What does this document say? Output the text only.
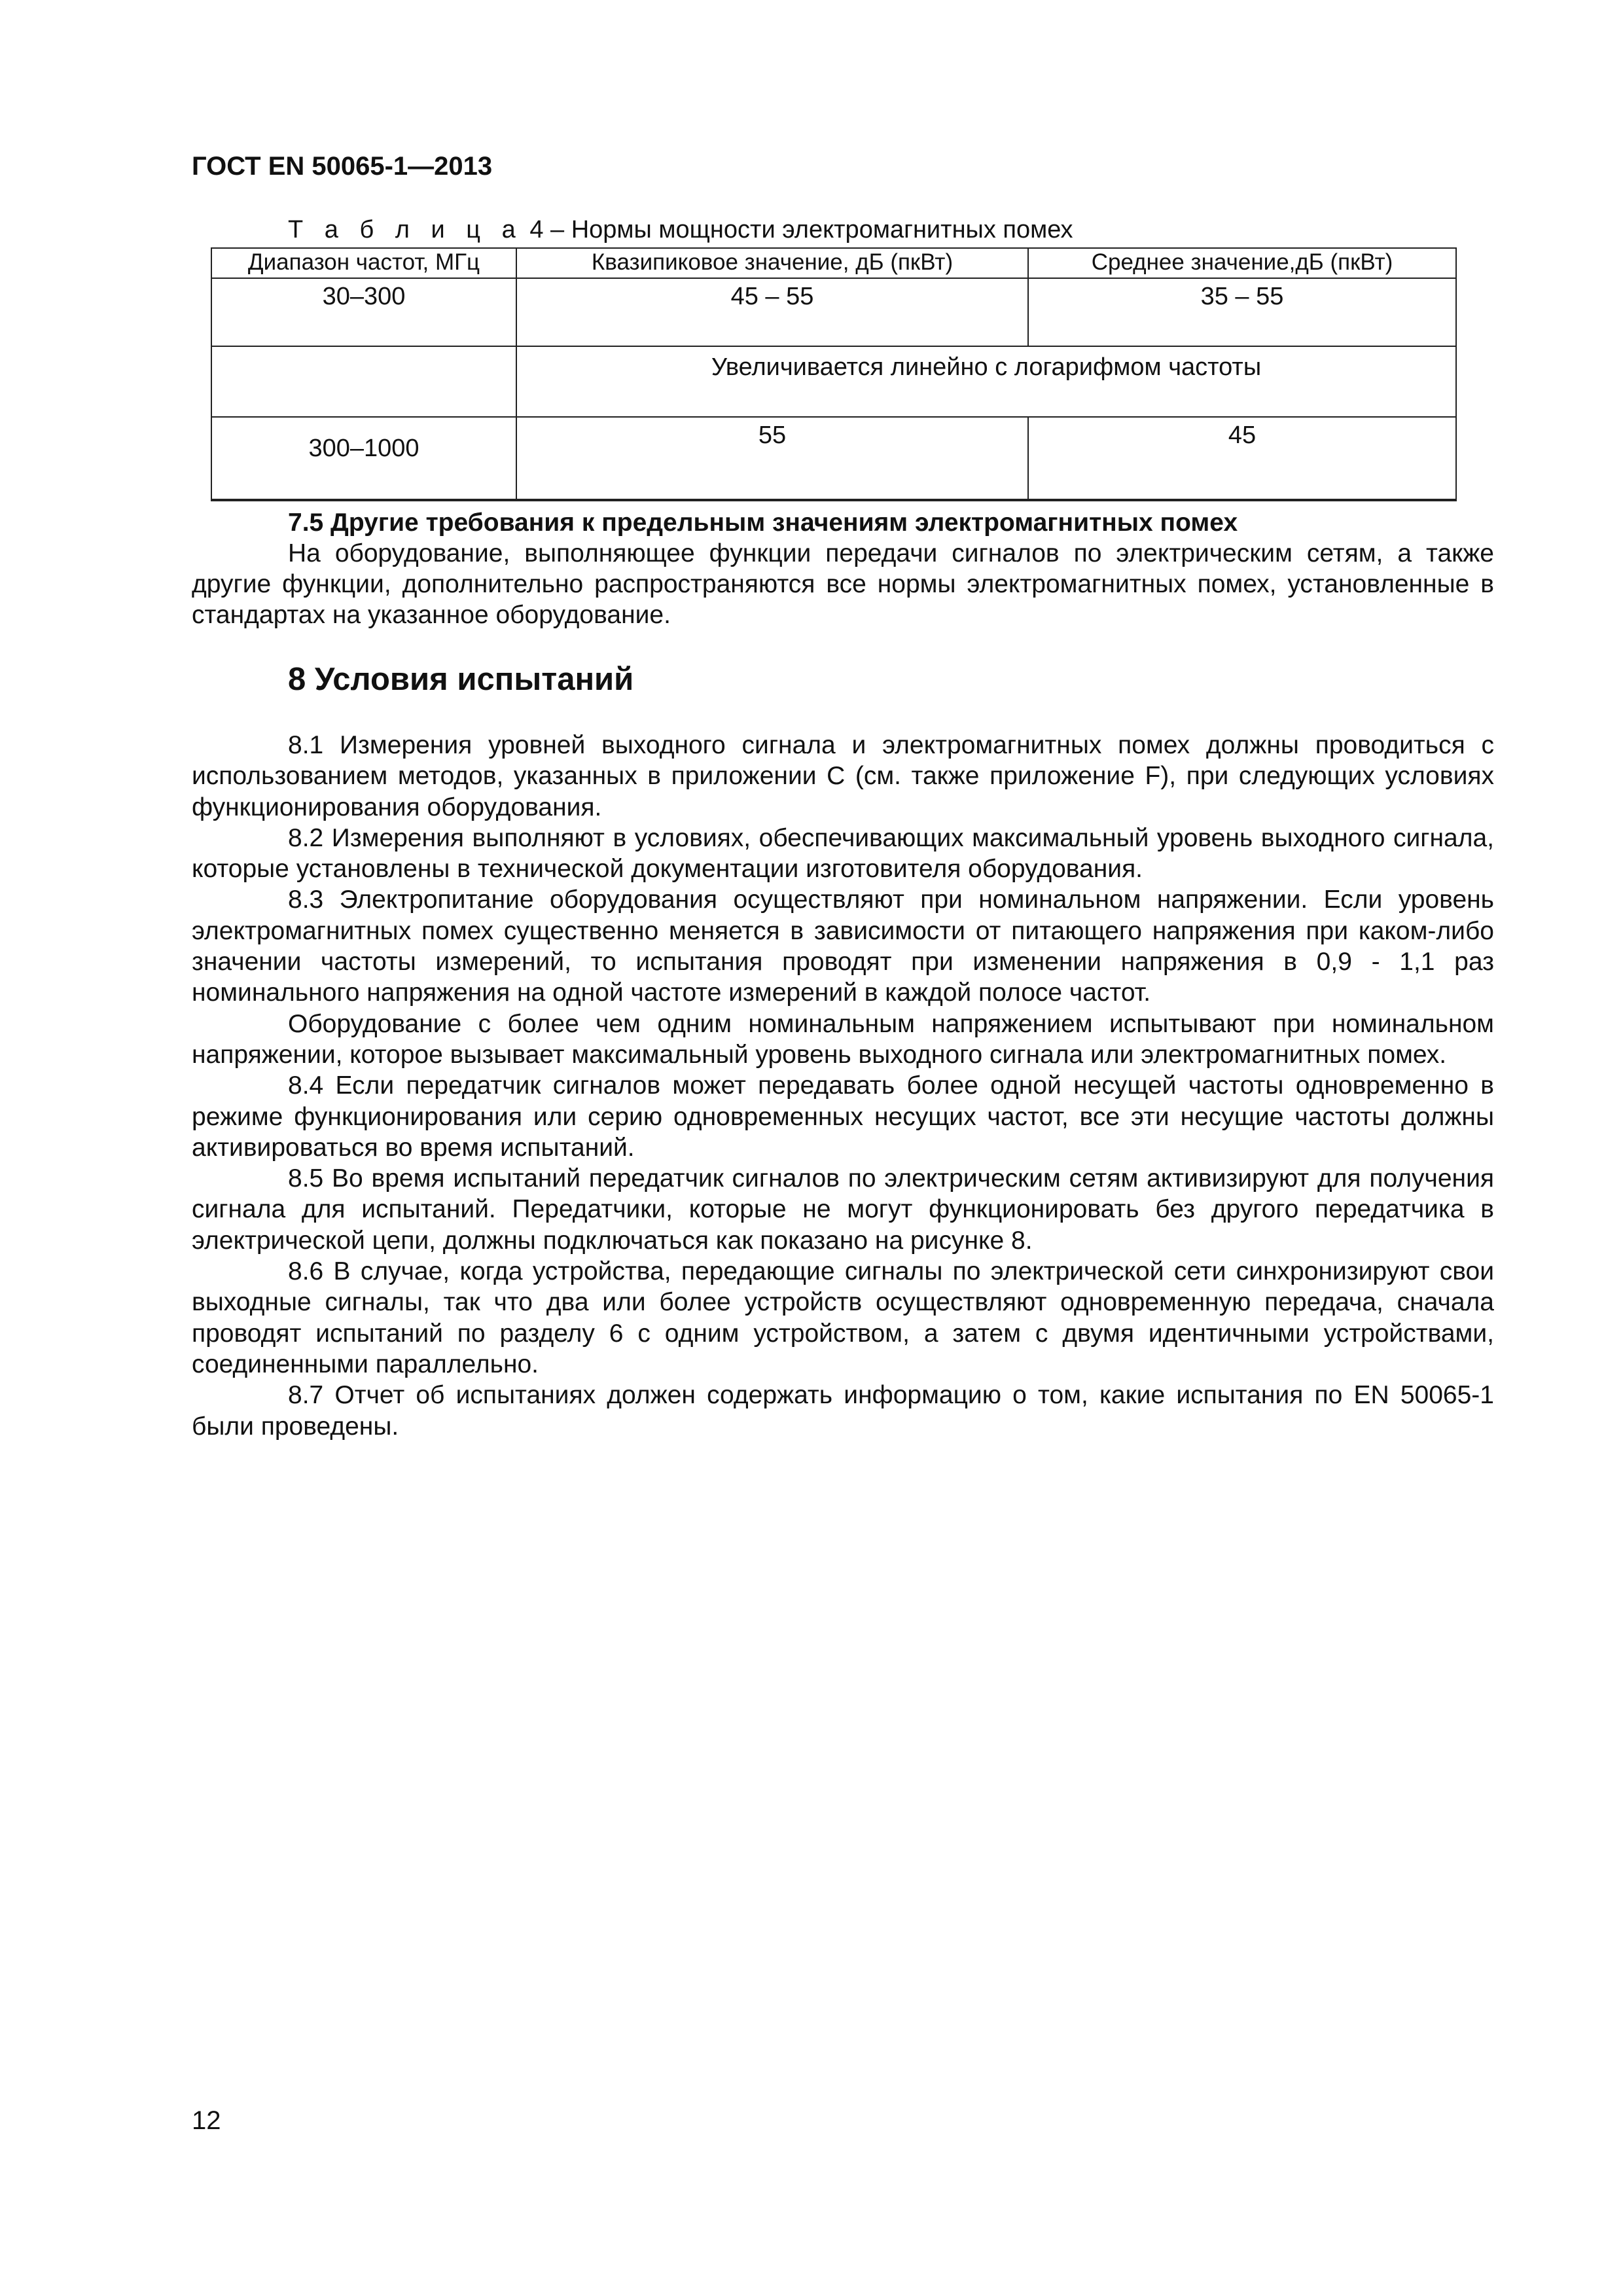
ГОСТ EN 50065-1—2013
Т а б л и ц а 4 – Нормы мощности электромагнитных помех
Диапазон частот, МГц	Квазипиковое значение, дБ (пкВт)	Среднее значение,дБ (пкВт)
30–300	45 – 55	35 – 55
	Увеличивается линейно с логарифмом частоты	
300–1000	55	45
7.5 Другие требования к предельным значениям электромагнитных помех

На оборудование, выполняющее функции передачи сигналов по электрическим сетям, а также другие функции, дополнительно распространяются все нормы электромагнитных помех, установленные в стандартах на указанное оборудование.

8 Условия испытаний

8.1 Измерения уровней выходного сигнала и электромагнитных помех должны проводиться с использованием методов, указанных в приложении С (см. также приложение F), при следующих условиях функционирования оборудования.

8.2 Измерения выполняют в условиях, обеспечивающих максимальный уровень выходного сигнала, которые установлены в технической документации изготовителя оборудования.

8.3 Электропитание оборудования осуществляют при номинальном напряжении. Если уровень электромагнитных помех существенно меняется в зависимости от питающего напряжения при каком-либо значении частоты измерений, то испытания проводят при изменении напряжения в 0,9 - 1,1 раз номинального напряжения на одной частоте измерений в каждой полосе частот.

Оборудование с более чем одним номинальным напряжением испытывают при номинальном напряжении, которое вызывает максимальный уровень выходного сигнала или электромагнитных помех.

8.4 Если передатчик сигналов может передавать более одной несущей частоты одновременно в режиме функционирования или серию одновременных несущих частот, все эти несущие частоты должны активироваться во время испытаний.

8.5 Во время испытаний передатчик сигналов по электрическим сетям активизируют для получения сигнала для испытаний. Передатчики, которые не могут функционировать без другого передатчика в электрической цепи, должны подключаться как показано на рисунке 8.

8.6 В случае, когда устройства, передающие сигналы по электрической сети синхронизируют свои выходные сигналы, так что два или более устройств осуществляют одновременную передача, сначала проводят испытаний по разделу 6 с одним устройством, а затем с двумя идентичными устройствами, соединенными параллельно.

8.7 Отчет об испытаниях должен содержать информацию о том, какие испытания по EN 50065-1 были проведены.

12
